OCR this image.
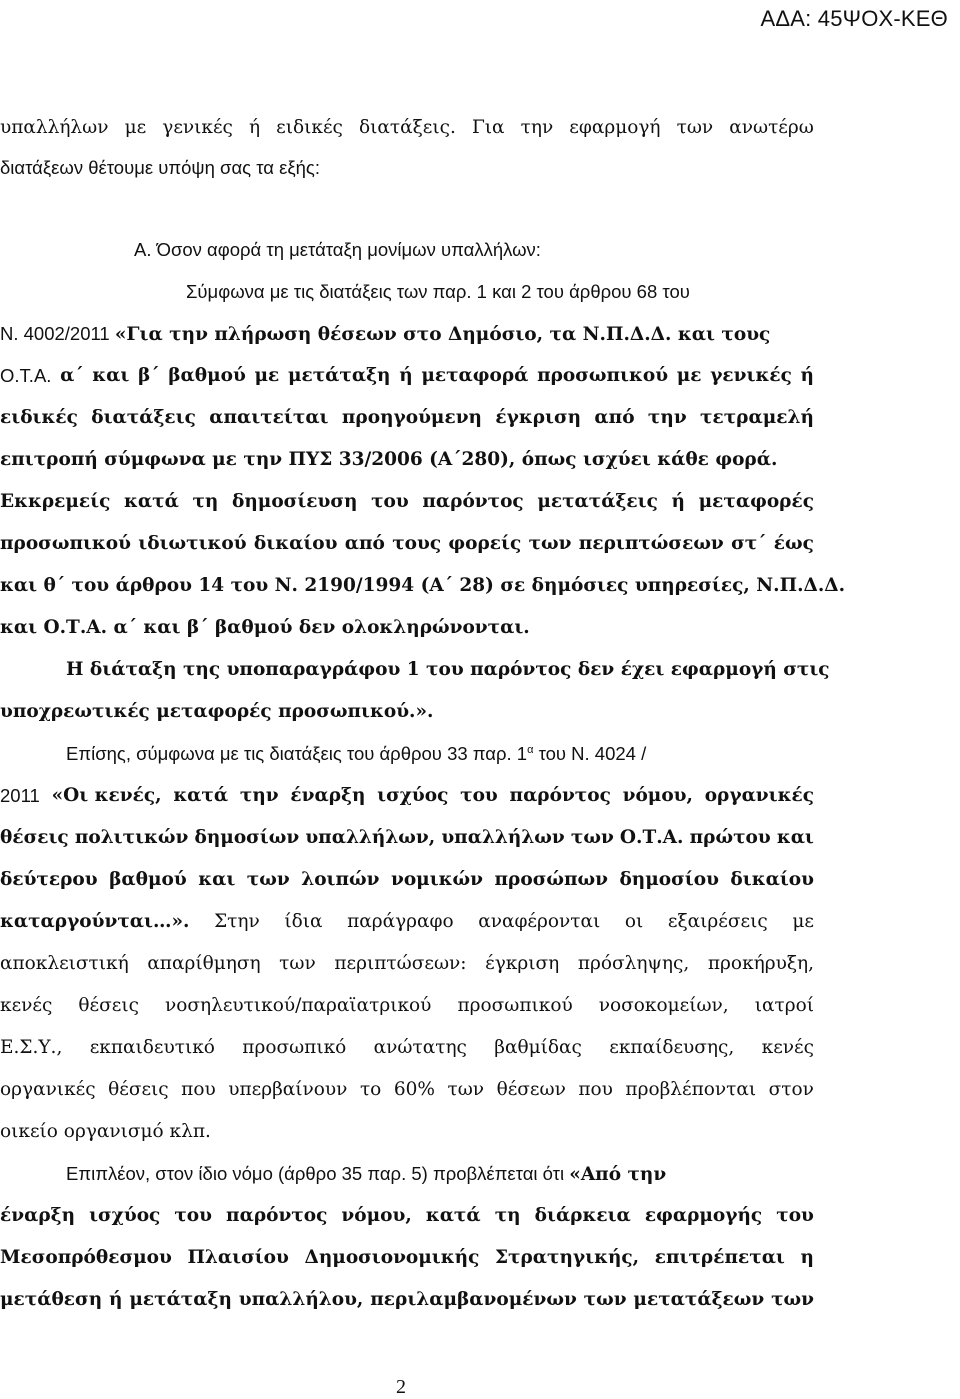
ΑΔΑ: 45ΨΟΧ-ΚΕΘ
υπαλλήλων με γενικές ή ειδικές διατάξεις. Για την εφαρμογή των ανωτέρω
διατάξεων θέτουμε υπόψη σας τα εξής:
Α. Όσον αφορά τη μετάταξη μονίμων υπαλλήλων:
Σύμφωνα με τις διατάξεις των παρ. 1 και 2 του άρθρου 68 του
Ν. 4002/2011 «Για την πλήρωση θέσεων στο Δημόσιο, τα Ν.Π.Δ.Δ. και τους
Ο.Τ.Α. α΄ και β΄ βαθμού με μετάταξη ή μεταφορά προσωπικού με γενικές ή
ειδικές διατάξεις απαιτείται προηγούμενη έγκριση από την τετραμελή
επιτροπή σύμφωνα με την ΠΥΣ 33/2006 (Α΄280), όπως ισχύει κάθε φορά.
Εκκρεμείς κατά τη δημοσίευση του παρόντος μετατάξεις ή μεταφορές
προσωπικού ιδιωτικού δικαίου από τους φορείς των περιπτώσεων στ΄ έως
και θ΄ του άρθρου 14 του Ν. 2190/1994 (Α΄ 28) σε δημόσιες υπηρεσίες, Ν.Π.Δ.Δ.
και Ο.Τ.Α. α΄ και β΄ βαθμού δεν ολοκληρώνονται.
Η διάταξη της υποπαραγράφου 1 του παρόντος δεν έχει εφαρμογή στις
υποχρεωτικές μεταφορές προσωπικού.».
Επίσης, σύμφωνα με τις διατάξεις του άρθρου 33 παρ. $1^\alpha$ του Ν. 4024 /
2011 «Οι κενές, κατά την έναρξη ισχύος του παρόντος νόμου, οργανικές
θέσεις πολιτικών δημοσίων υπαλλήλων, υπαλλήλων των Ο.Τ.Α. πρώτου και
δεύτερου βαθμού και των λοιπών νομικών προσώπων δημοσίου δικαίου
καταργούνται…». Στην ίδια παράγραφο αναφέρονται οι εξαιρέσεις με
αποκλειστική απαρίθμηση των περιπτώσεων: έγκριση πρόσληψης, προκήρυξη,
κενές θέσεις νοσηλευτικού/παραϊατρικού προσωπικού νοσοκομείων, ιατροί
Ε.Σ.Υ., εκπαιδευτικό προσωπικό ανώτατης βαθμίδας εκπαίδευσης, κενές
οργανικές θέσεις που υπερβαίνουν το 60% των θέσεων που προβλέπονται στον
οικείο οργανισμό κλπ.
Επιπλέον, στον ίδιο νόμο (άρθρο 35 παρ. 5) προβλέπεται ότι «Από την
έναρξη ισχύος του παρόντος νόμου, κατά τη διάρκεια εφαρμογής του
Μεσοπρόθεσμου Πλαισίου Δημοσιονομικής Στρατηγικής, επιτρέπεται η
μετάθεση ή μετάταξη υπαλλήλου, περιλαμβανομένων των μετατάξεων των
2
